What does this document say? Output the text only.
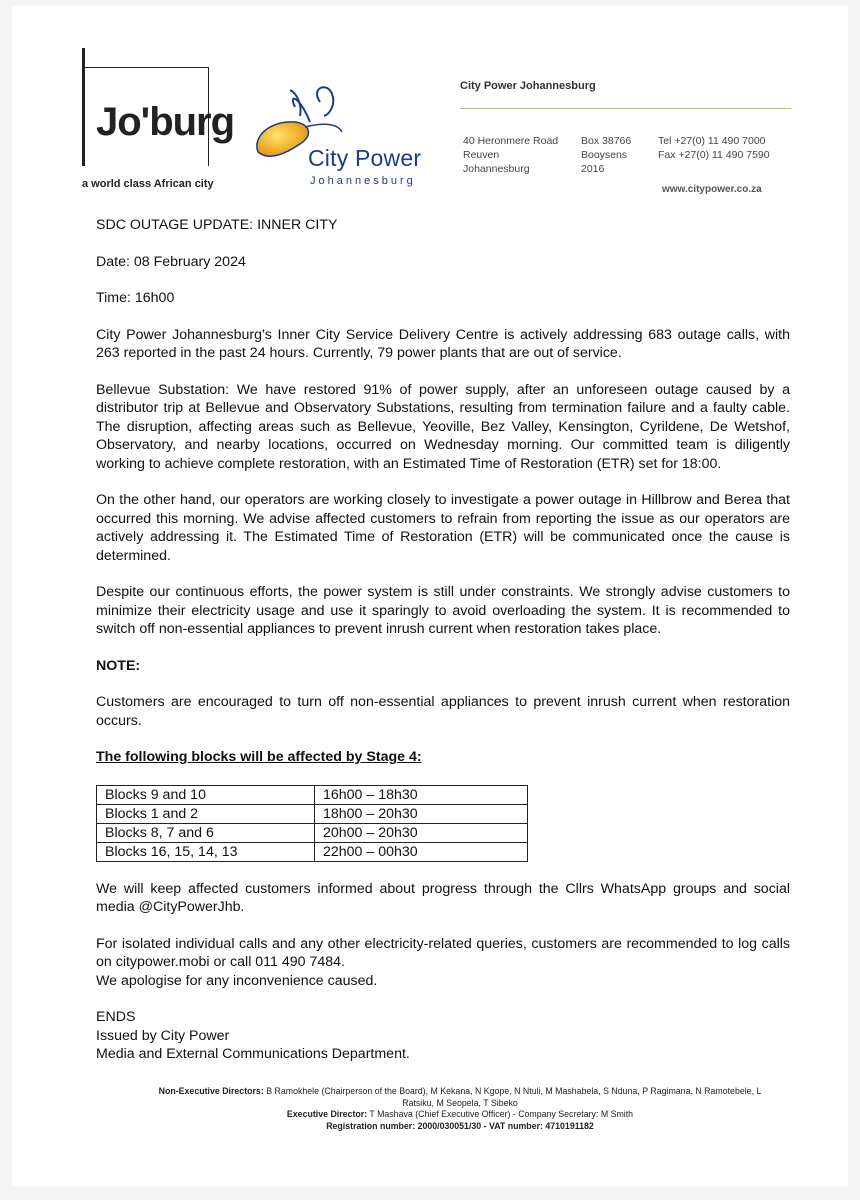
Jo'burg
a world class African city
City Power
Johannesburg
City Power Johannesburg
40 Heronmere Road
Reuven
Johannesburg
Box 38766
Booysens
2016
Tel +27(0) 11 490 7000
Fax +27(0) 11 490 7590
www.citypower.co.za

SDC OUTAGE UPDATE: INNER CITY

Date: 08 February 2024

Time: 16h00

City Power Johannesburg's Inner City Service Delivery Centre is actively addressing 683 outage calls, with 263 reported in the past 24 hours. Currently, 79 power plants that are out of service.

Bellevue Substation: We have restored 91% of power supply, after an unforeseen outage caused by a distributor trip at Bellevue and Observatory Substations, resulting from termination failure and a faulty cable. The disruption, affecting areas such as Bellevue, Yeoville, Bez Valley, Kensington, Cyrildene, De Wetshof, Observatory, and nearby locations, occurred on Wednesday morning. Our committed team is diligently working to achieve complete restoration, with an Estimated Time of Restoration (ETR) set for 18:00.

On the other hand, our operators are working closely to investigate a power outage in Hillbrow and Berea that occurred this morning. We advise affected customers to refrain from reporting the issue as our operators are actively addressing it. The Estimated Time of Restoration (ETR) will be communicated once the cause is determined.

Despite our continuous efforts, the power system is still under constraints. We strongly advise customers to minimize their electricity usage and use it sparingly to avoid overloading the system. It is recommended to switch off non-essential appliances to prevent inrush current when restoration takes place.

NOTE:

Customers are encouraged to turn off non-essential appliances to prevent inrush current when restoration occurs.

The following blocks will be affected by Stage 4:

Blocks 9 and 10	16h00 – 18h30
Blocks 1 and 2	18h00 – 20h30
Blocks 8, 7 and 6	20h00 – 20h30
Blocks 16, 15, 14, 13	22h00 – 00h30

We will keep affected customers informed about progress through the Cllrs WhatsApp groups and social media @CityPowerJhb.

For isolated individual calls and any other electricity-related queries, customers are recommended to log calls on citypower.mobi or call 011 490 7484.

We apologise for any inconvenience caused.

ENDS

Issued by City Power

Media and External Communications Department.

Non-Executive Directors: B Ramokhele (Chairperson of the Board), M Kekana, N Kgope, N Ntuli, M Mashabela, S Nduna, P Ragimana, N Ramotebele, L Ratsiku, M Seopela, T Sibeko
Executive Director: T Mashava (Chief Executive Officer) - Company Secretary: M Smith
Registration number: 2000/030051/30 - VAT number: 4710191182
